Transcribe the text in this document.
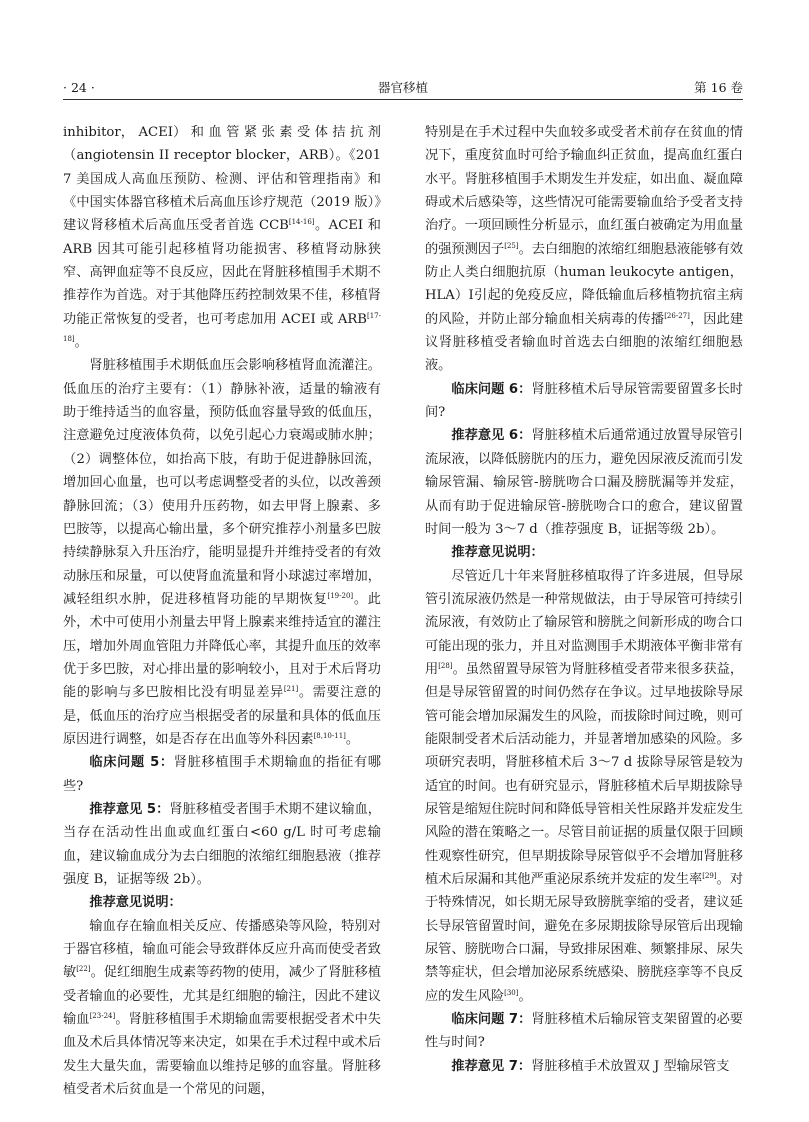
· 24 ·	器官移植	第 16 卷

inhibitor， ACEI） 和 血 管 紧 张 素 受 体 拮 抗 剂 （angiotensin II receptor blocker，ARB）。《2017 美国成人高血压预防、检测、评估和管理指南》和《中国实体器官移植术后高血压诊疗规范（2019 版）》建议肾移植术后高血压受者首选 CCB[14-16]。ACEI 和 ARB 因其可能引起移植肾功能损害、移植肾动脉狭窄、高钾血症等不良反应，因此在肾脏移植围手术期不推荐作为首选。对于其他降压药控制效果不佳，移植肾功能正常恢复的受者，也可考虑加用 ACEI 或 ARB[17-18]。

肾脏移植围手术期低血压会影响移植肾血流灌注。低血压的治疗主要有：（1）静脉补液，适量的输液有助于维持适当的血容量，预防低血容量导致的低血压，注意避免过度液体负荷，以免引起心力衰竭或肺水肿；（2）调整体位，如抬高下肢，有助于促进静脉回流，增加回心血量，也可以考虑调整受者的头位，以改善颈静脉回流；（3）使用升压药物，如去甲肾上腺素、多巴胺等，以提高心输出量，多个研究推荐小剂量多巴胺持续静脉泵入升压治疗，能明显提升并维持受者的有效动脉压和尿量，可以使肾血流量和肾小球滤过率增加，减轻组织水肿，促进移植肾功能的早期恢复[19-20]。此外，术中可使用小剂量去甲肾上腺素来维持适宜的灌注压，增加外周血管阻力并降低心率，其提升血压的效率优于多巴胺，对心排出量的影响较小，且对于术后肾功能的影响与多巴胺相比没有明显差异[21]。需要注意的是，低血压的治疗应当根据受者的尿量和具体的低血压原因进行调整，如是否存在出血等外科因素[8,10-11]。

临床问题 5：肾脏移植围手术期输血的指征有哪些?

推荐意见 5：肾脏移植受者围手术期不建议输血，当存在活动性出血或血红蛋白<60 g/L 时可考虑输血，建议输血成分为去白细胞的浓缩红细胞悬液（推荐强度 B，证据等级 2b）。

推荐意见说明：

输血存在输血相关反应、传播感染等风险，特别对于器官移植，输血可能会导致群体反应升高而使受者致敏[22]。促红细胞生成素等药物的使用，减少了肾脏移植受者输血的必要性，尤其是红细胞的输注，因此不建议输血[23-24]。肾脏移植围手术期输血需要根据受者术中失血及术后具体情况等来决定，如果在手术过程中或术后发生大量失血，需要输血以维持足够的血容量。肾脏移植受者术后贫血是一个常见的问题，

特别是在手术过程中失血较多或受者术前存在贫血的情况下，重度贫血时可给予输血纠正贫血，提高血红蛋白水平。肾脏移植围手术期发生并发症，如出血、凝血障碍或术后感染等，这些情况可能需要输血给予受者支持治疗。一项回顾性分析显示，血红蛋白被确定为用血量的强预测因子[25]。去白细胞的浓缩红细胞悬液能够有效防止人类白细胞抗原（human leukocyte antigen，HLA）Ⅰ引起的免疫反应，降低输血后移植物抗宿主病的风险，并防止部分输血相关病毒的传播[26-27]，因此建议肾脏移植受者输血时首选去白细胞的浓缩红细胞悬液。

临床问题 6：肾脏移植术后导尿管需要留置多长时间?

推荐意见 6：肾脏移植术后通常通过放置导尿管引流尿液，以降低膀胱内的压力，避免因尿液反流而引发输尿管漏、输尿管-膀胱吻合口漏及膀胱漏等并发症，从而有助于促进输尿管-膀胱吻合口的愈合，建议留置时间一般为 3～7 d（推荐强度 B，证据等级 2b）。

推荐意见说明：

尽管近几十年来肾脏移植取得了许多进展，但导尿管引流尿液仍然是一种常规做法，由于导尿管可持续引流尿液，有效防止了输尿管和膀胱之间新形成的吻合口可能出现的张力，并且对监测围手术期液体平衡非常有用[28]。虽然留置导尿管为肾脏移植受者带来很多获益，但是导尿管留置的时间仍然存在争议。过早地拔除导尿管可能会增加尿漏发生的风险，而拔除时间过晚，则可能限制受者术后活动能力，并显著增加感染的风险。多项研究表明，肾脏移植术后 3～7 d 拔除导尿管是较为适宜的时间。也有研究显示，肾脏移植术后早期拔除导尿管是缩短住院时间和降低导管相关性尿路并发症发生风险的潜在策略之一。尽管目前证据的质量仅限于回顾性观察性研究，但早期拔除导尿管似乎不会增加肾脏移植术后尿漏和其他严重泌尿系统并发症的发生率[29]。对于特殊情况，如长期无尿导致膀胱挛缩的受者，建议延长导尿管留置时间，避免在多尿期拔除导尿管后出现输尿管、膀胱吻合口漏，导致排尿困难、频繁排尿、尿失禁等症状，但会增加泌尿系统感染、膀胱痉挛等不良反应的发生风险[30]。

临床问题 7：肾脏移植术后输尿管支架留置的必要性与时间?

推荐意见 7：肾脏移植手术放置双 J 型输尿管支
